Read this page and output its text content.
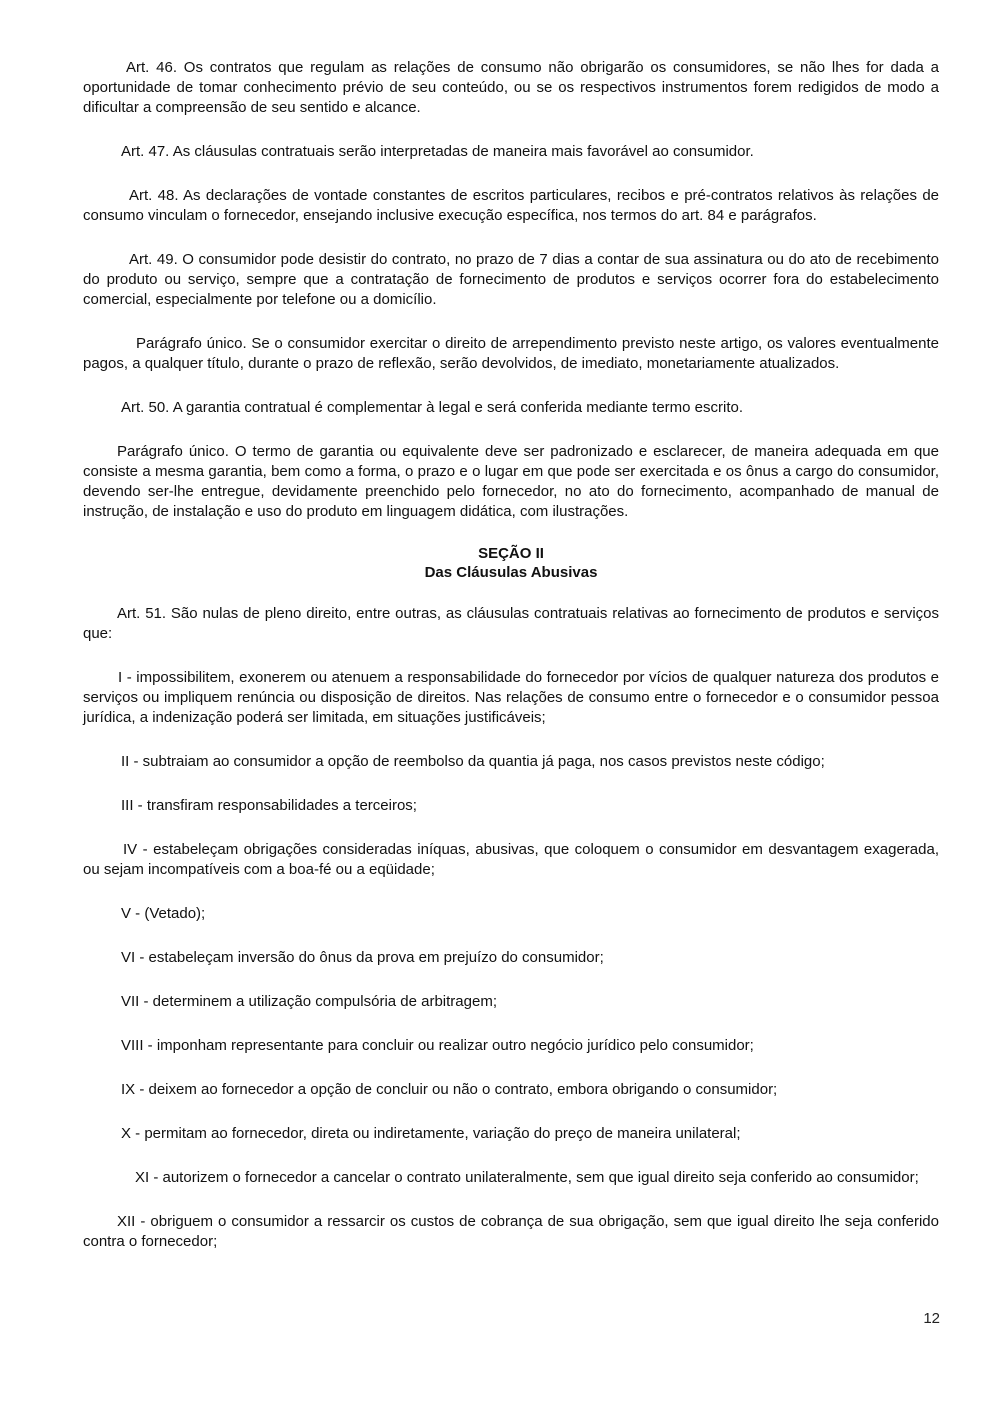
Art. 46. Os contratos que regulam as relações de consumo não obrigarão os consumidores, se não lhes for dada a oportunidade de tomar conhecimento prévio de seu conteúdo, ou se os respectivos instrumentos forem redigidos de modo a dificultar a compreensão de seu sentido e alcance.

Art. 47. As cláusulas contratuais serão interpretadas de maneira mais favorável ao consumidor.

Art. 48. As declarações de vontade constantes de escritos particulares, recibos e pré-contratos relativos às relações de consumo vinculam o fornecedor, ensejando inclusive execução específica, nos termos do art. 84 e parágrafos.

Art. 49. O consumidor pode desistir do contrato, no prazo de 7 dias a contar de sua assinatura ou do ato de recebimento do produto ou serviço, sempre que a contratação de fornecimento de produtos e serviços ocorrer fora do estabelecimento comercial, especialmente por telefone ou a domicílio.

Parágrafo único. Se o consumidor exercitar o direito de arrependimento previsto neste artigo, os valores eventualmente pagos, a qualquer título, durante o prazo de reflexão, serão devolvidos, de imediato, monetariamente atualizados.

Art. 50. A garantia contratual é complementar à legal e será conferida mediante termo escrito.

Parágrafo único. O termo de garantia ou equivalente deve ser padronizado e esclarecer, de maneira adequada em que consiste a mesma garantia, bem como a forma, o prazo e o lugar em que pode ser exercitada e os ônus a cargo do consumidor, devendo ser-lhe entregue, devidamente preenchido pelo fornecedor, no ato do fornecimento, acompanhado de manual de instrução, de instalação e uso do produto em linguagem didática, com ilustrações.

SEÇÃO II
Das Cláusulas Abusivas

Art. 51. São nulas de pleno direito, entre outras, as cláusulas contratuais relativas ao fornecimento de produtos e serviços que:

I - impossibilitem, exonerem ou atenuem a responsabilidade do fornecedor por vícios de qualquer natureza dos produtos e serviços ou impliquem renúncia ou disposição de direitos. Nas relações de consumo entre o fornecedor e o consumidor pessoa jurídica, a indenização poderá ser limitada, em situações justificáveis;

II - subtraiam ao consumidor a opção de reembolso da quantia já paga, nos casos previstos neste código;

III - transfiram responsabilidades a terceiros;

IV - estabeleçam obrigações consideradas iníquas, abusivas, que coloquem o consumidor em desvantagem exagerada, ou sejam incompatíveis com a boa-fé ou a eqüidade;

V - (Vetado);

VI - estabeleçam inversão do ônus da prova em prejuízo do consumidor;

VII - determinem a utilização compulsória de arbitragem;

VIII - imponham representante para concluir ou realizar outro negócio jurídico pelo consumidor;

IX - deixem ao fornecedor a opção de concluir ou não o contrato, embora obrigando o consumidor;

X - permitam ao fornecedor, direta ou indiretamente, variação do preço de maneira unilateral;

XI - autorizem o fornecedor a cancelar o contrato unilateralmente, sem que igual direito seja conferido ao consumidor;

XII - obriguem o consumidor a ressarcir os custos de cobrança de sua obrigação, sem que igual direito lhe seja conferido contra o fornecedor;

12
